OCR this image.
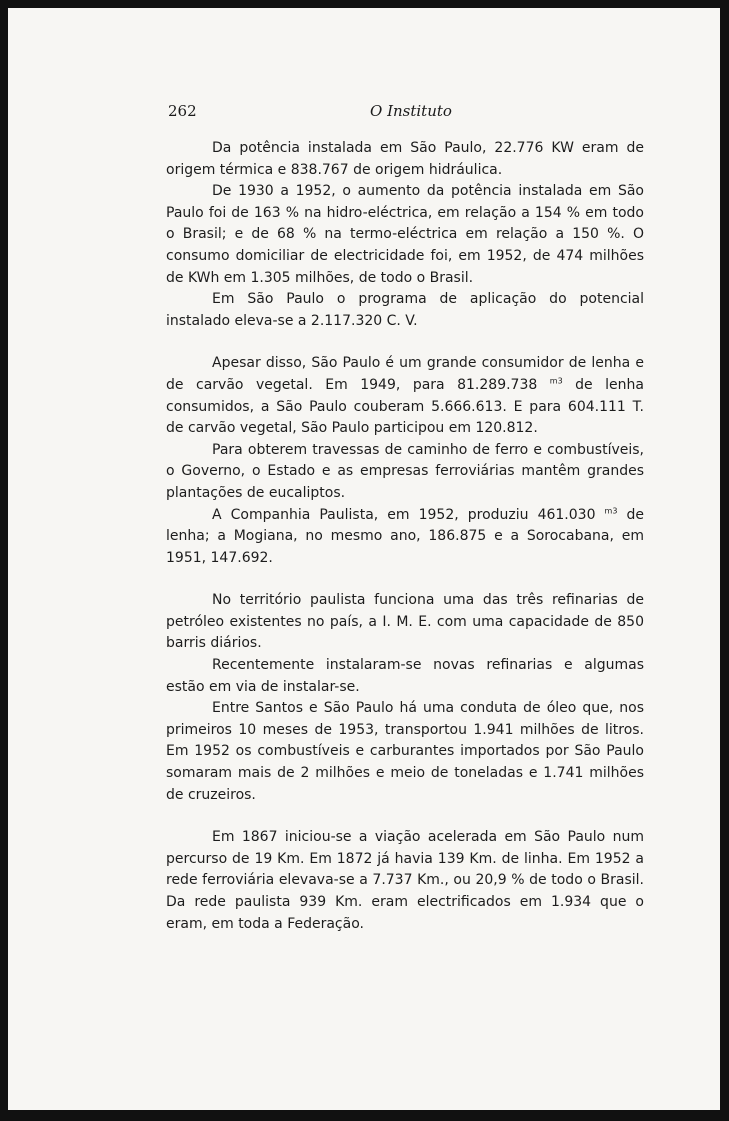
262	O Instituto

Da potência instalada em São Paulo, 22.776 KW eram de origem térmica e 838.767 de origem hidráulica.

De 1930 a 1952, o aumento da potência instalada em São Paulo foi de 163 % na hidro-eléctrica, em relação a 154 % em todo o Brasil; e de 68 % na termo-eléctrica em relação a 150 %. O consumo domiciliar de electricidade foi, em 1952, de 474 milhões de KWh em 1.305 milhões, de todo o Brasil.

Em São Paulo o programa de aplicação do potencial instalado eleva-se a 2.117.320 C. V.

Apesar disso, São Paulo é um grande consumidor de lenha e de carvão vegetal. Em 1949, para 81.289.738 $^{m3}$ de lenha consumidos, a São Paulo couberam 5.666.613. E para 604.111 T. de carvão vegetal, São Paulo participou em 120.812.

Para obterem travessas de caminho de ferro e combustíveis, o Governo, o Estado e as empresas ferroviárias mantêm grandes plantações de eucaliptos.

A Companhia Paulista, em 1952, produziu 461.030 $^{m3}$ de lenha; a Mogiana, no mesmo ano, 186.875 e a Sorocabana, em 1951, 147.692.

No território paulista funciona uma das três refinarias de petróleo existentes no país, a I. M. E. com uma capacidade de 850 barris diários.

Recentemente instalaram-se novas refinarias e algumas estão em via de instalar-se.

Entre Santos e São Paulo há uma conduta de óleo que, nos primeiros 10 meses de 1953, transportou 1.941 milhões de litros. Em 1952 os combustíveis e carburantes importados por São Paulo somaram mais de 2 milhões e meio de toneladas e 1.741 milhões de cruzeiros.

Em 1867 iniciou-se a viação acelerada em São Paulo num percurso de 19 Km. Em 1872 já havia 139 Km. de linha. Em 1952 a rede ferroviária elevava-se a 7.737 Km., ou 20,9 % de todo o Brasil. Da rede paulista 939 Km. eram electrificados em 1.934 que o eram, em toda a Federação.
